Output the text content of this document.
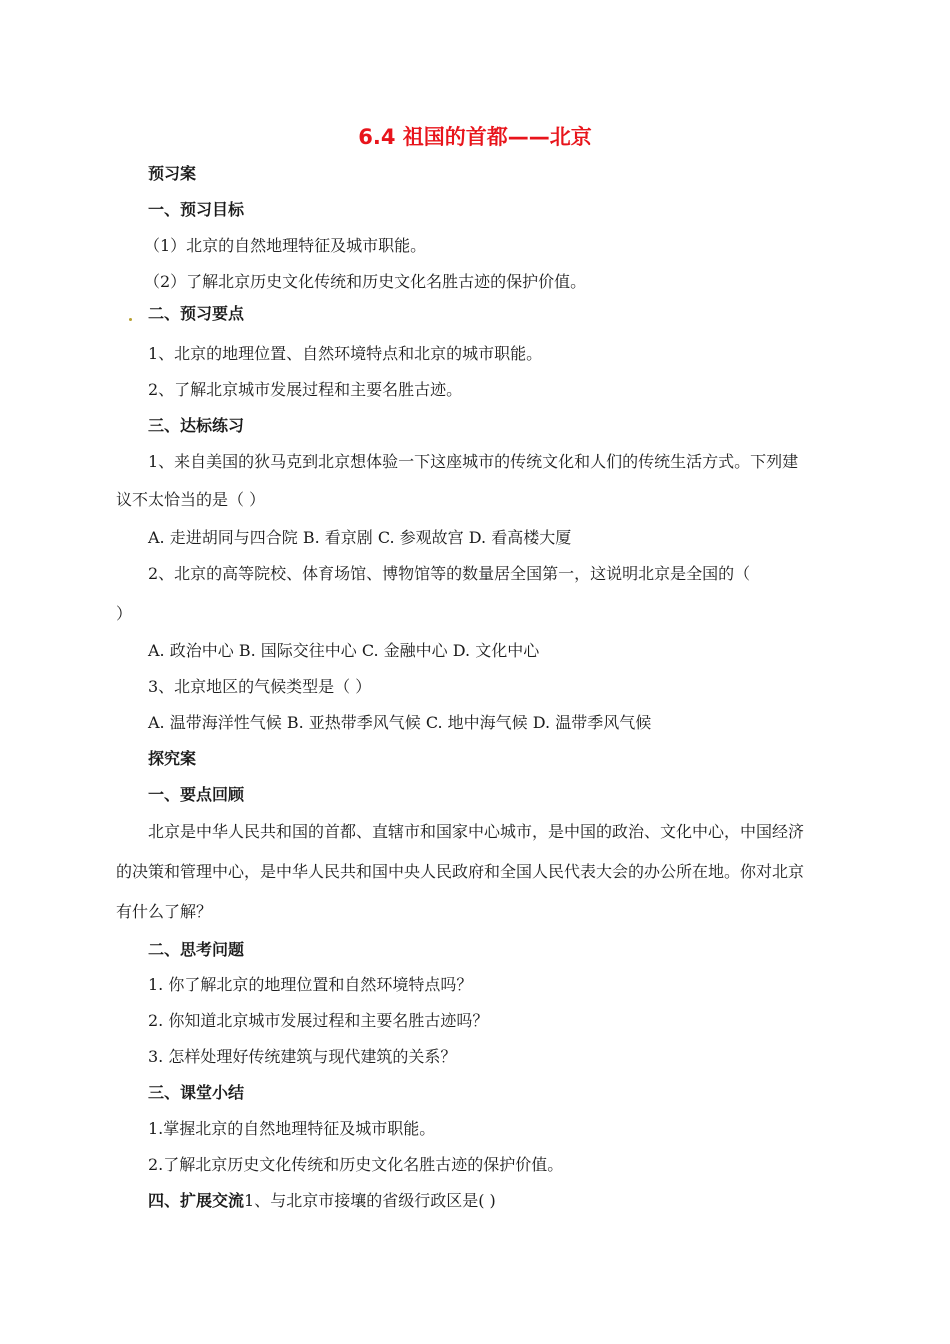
6.4 祖国的首都——北京
预习案
一、预习目标
（1）北京的自然地理特征及城市职能。
（2）了解北京历史文化传统和历史文化名胜古迹的保护价值。
二、预习要点
1、北京的地理位置、自然环境特点和北京的城市职能。
2、了解北京城市发展过程和主要名胜古迹。
三、达标练习
1、来自美国的狄马克到北京想体验一下这座城市的传统文化和人们的传统生活方式。下列建
议不太恰当的是（ ）
A. 走进胡同与四合院 B. 看京剧 C. 参观故宫 D. 看高楼大厦
2、北京的高等院校、体育场馆、博物馆等的数量居全国第一，这说明北京是全国的（
）
A. 政治中心 B. 国际交往中心 C. 金融中心 D. 文化中心
3、北京地区的气候类型是（ ）
A. 温带海洋性气候 B. 亚热带季风气候 C. 地中海气候 D. 温带季风气候
探究案
一、要点回顾
北京是中华人民共和国的首都、直辖市和国家中心城市，是中国的政治、文化中心，中国经济
的决策和管理中心，是中华人民共和国中央人民政府和全国人民代表大会的办公所在地。你对北京
有什么了解？
二、思考问题
1. 你了解北京的地理位置和自然环境特点吗？
2. 你知道北京城市发展过程和主要名胜古迹吗？
3. 怎样处理好传统建筑与现代建筑的关系？
三、课堂小结
1.掌握北京的自然地理特征及城市职能。
2.了解北京历史文化传统和历史文化名胜古迹的保护价值。
四、扩展交流1、与北京市接壤的省级行政区是( )
